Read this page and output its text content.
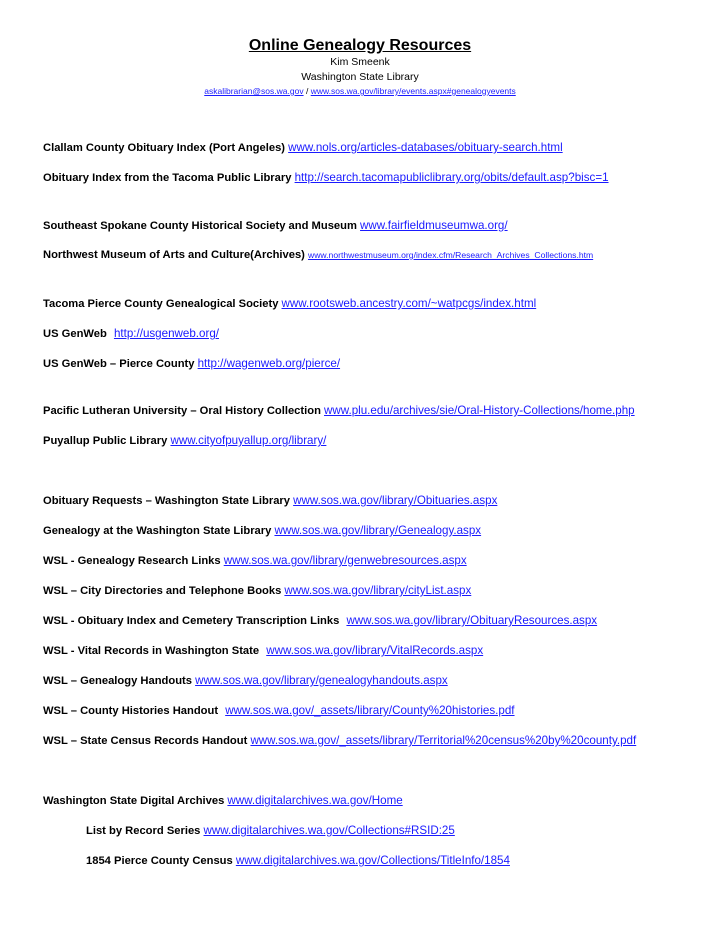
Online Genealogy Resources
Kim Smeenk
Washington State Library
askalibrarian@sos.wa.gov / www.sos.wa.gov/library/events.aspx#genealogyevents
Clallam County Obituary Index (Port Angeles) www.nols.org/articles-databases/obituary-search.html
Obituary Index from the Tacoma Public Library http://search.tacomapubliclibrary.org/obits/default.asp?bisc=1
Southeast Spokane County Historical Society and Museum www.fairfieldmuseumwa.org/
Northwest Museum of Arts and Culture(Archives) www.northwestmuseum.org/index.cfm/Research_Archives_Collections.htm
Tacoma Pierce County Genealogical Society www.rootsweb.ancestry.com/~watpcgs/index.html
US GenWeb http://usgenweb.org/
US GenWeb – Pierce County http://wagenweb.org/pierce/
Pacific Lutheran University – Oral History Collection www.plu.edu/archives/sie/Oral-History-Collections/home.php
Puyallup Public Library www.cityofpuyallup.org/library/
Obituary Requests – Washington State Library www.sos.wa.gov/library/Obituaries.aspx
Genealogy at the Washington State Library www.sos.wa.gov/library/Genealogy.aspx
WSL - Genealogy Research Links www.sos.wa.gov/library/genwebresources.aspx
WSL – City Directories and Telephone Books www.sos.wa.gov/library/cityList.aspx
WSL - Obituary Index and Cemetery Transcription Links www.sos.wa.gov/library/ObituaryResources.aspx
WSL - Vital Records in Washington State www.sos.wa.gov/library/VitalRecords.aspx
WSL – Genealogy Handouts www.sos.wa.gov/library/genealogyhandouts.aspx
WSL – County Histories Handout www.sos.wa.gov/_assets/library/County%20histories.pdf
WSL – State Census Records Handout www.sos.wa.gov/_assets/library/Territorial%20census%20by%20county.pdf
Washington State Digital Archives www.digitalarchives.wa.gov/Home
List by Record Series www.digitalarchives.wa.gov/Collections#RSID:25
1854 Pierce County Census www.digitalarchives.wa.gov/Collections/TitleInfo/1854
